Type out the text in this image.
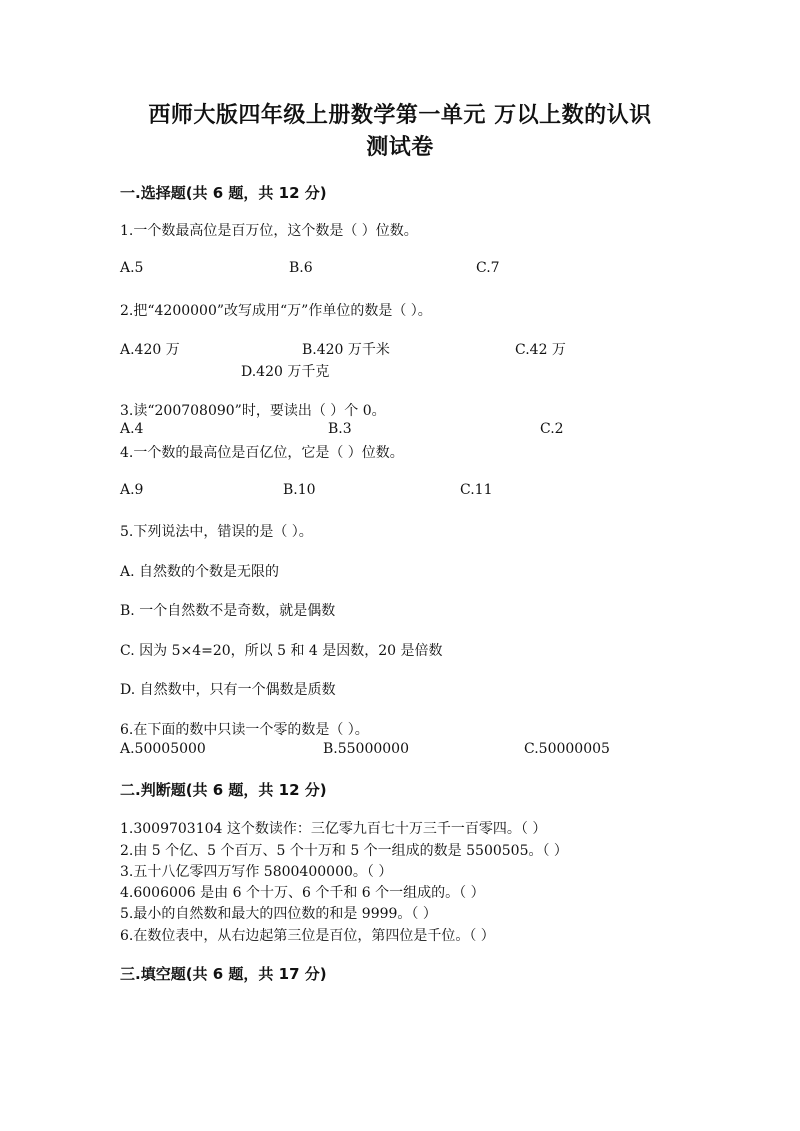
西师大版四年级上册数学第一单元 万以上数的认识
测试卷
一.选择题(共 6 题，共 12 分)
1.一个数最高位是百万位，这个数是（ ）位数。
A.5	B.6	C.7
2.把“4200000”改写成用“万”作单位的数是（ ）。
A.420 万	B.420 万千米	C.42 万
D.420 万千克
3.读“200708090”时，要读出（ ）个 0。
A.4	B.3	C.2
4.一个数的最高位是百亿位，它是（ ）位数。
A.9	B.10	C.11
5.下列说法中，错误的是（ ）。
A. 自然数的个数是无限的
B. 一个自然数不是奇数，就是偶数
C. 因为 5×4=20，所以 5 和 4 是因数，20 是倍数
D. 自然数中，只有一个偶数是质数
6.在下面的数中只读一个零的数是（ ）。
A.50005000	B.55000000	C.50000005
二.判断题(共 6 题，共 12 分)
1.3009703104 这个数读作：三亿零九百七十万三千一百零四。（ ）
2.由 5 个亿、5 个百万、5 个十万和 5 个一组成的数是 5500505。（ ）
3.五十八亿零四万写作 5800400000。（ ）
4.6006006 是由 6 个十万、6 个千和 6 个一组成的。（ ）
5.最小的自然数和最大的四位数的和是 9999。（ ）
6.在数位表中，从右边起第三位是百位，第四位是千位。（ ）
三.填空题(共 6 题，共 17 分)
